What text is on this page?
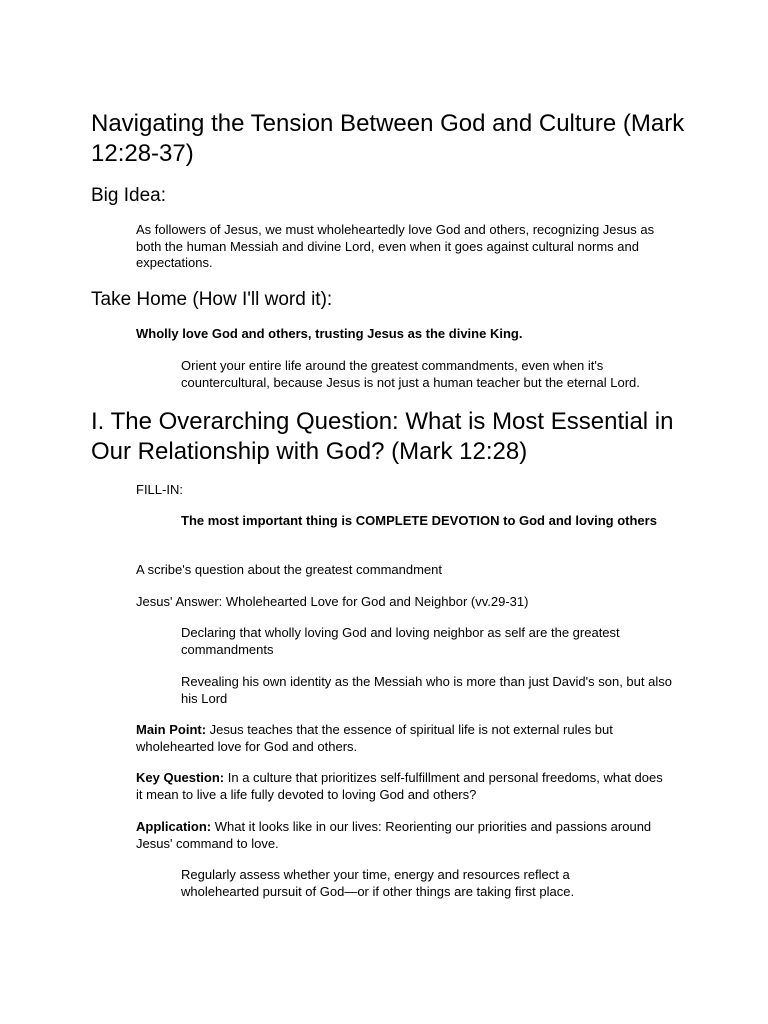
Navigating the Tension Between God and Culture (Mark 12:28-37)
Big Idea:

As followers of Jesus, we must wholeheartedly love God and others, recognizing Jesus as both the human Messiah and divine Lord, even when it goes against cultural norms and expectations.

Take Home (How I'll word it):

Wholly love God and others, trusting Jesus as the divine King.

Orient your entire life around the greatest commandments, even when it's countercultural, because Jesus is not just a human teacher but the eternal Lord.

I. The Overarching Question: What is Most Essential in Our Relationship with God? (Mark 12:28)

FILL-IN:

The most important thing is COMPLETE DEVOTION to God and loving others

A scribe's question about the greatest commandment

Jesus' Answer: Wholehearted Love for God and Neighbor (vv.29-31)

Declaring that wholly loving God and loving neighbor as self are the greatest commandments

Revealing his own identity as the Messiah who is more than just David's son, but also his Lord

Main Point: Jesus teaches that the essence of spiritual life is not external rules but wholehearted love for God and others.

Key Question: In a culture that prioritizes self-fulfillment and personal freedoms, what does it mean to live a life fully devoted to loving God and others?

Application: What it looks like in our lives: Reorienting our priorities and passions around Jesus' command to love.

Regularly assess whether your time, energy and resources reflect a wholehearted pursuit of God—or if other things are taking first place.
